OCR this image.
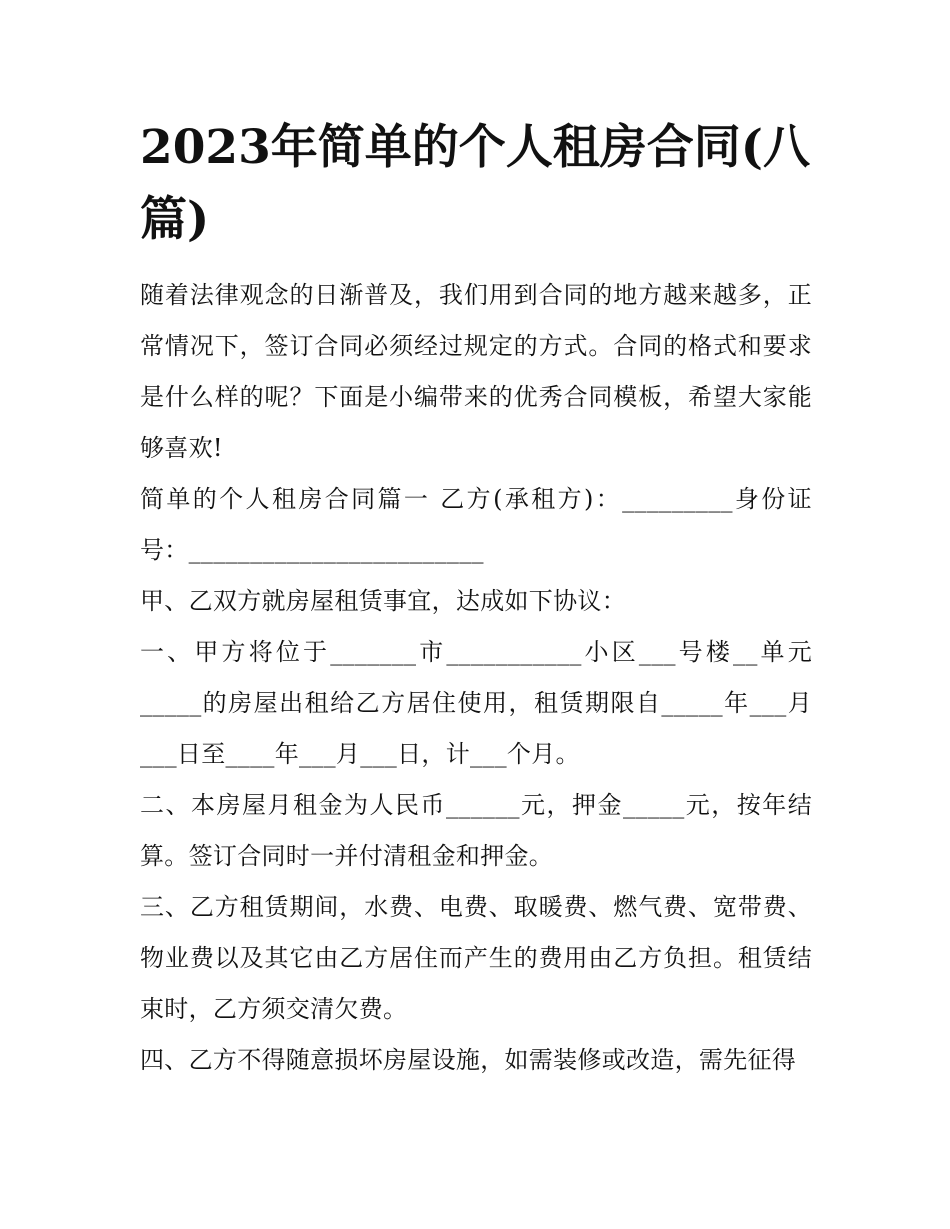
2023年简单的个人租房合同(八篇)

随着法律观念的日渐普及，我们用到合同的地方越来越多，正常情况下，签订合同必须经过规定的方式。合同的格式和要求是什么样的呢？下面是小编带来的优秀合同模板，希望大家能够喜欢!

简单的个人租房合同篇一 乙方(承租方)：_________身份证号：________________________

甲、乙双方就房屋租赁事宜，达成如下协议：

一、甲方将位于_______市___________小区___号楼__单元_____的房屋出租给乙方居住使用，租赁期限自_____年___月___日至____年___月___日，计___个月。

二、本房屋月租金为人民币______元，押金_____元，按年结算。签订合同时一并付清租金和押金。

三、乙方租赁期间，水费、电费、取暖费、燃气费、宽带费、物业费以及其它由乙方居住而产生的费用由乙方负担。租赁结束时，乙方须交清欠费。

四、乙方不得随意损坏房屋设施，如需装修或改造，需先征得
